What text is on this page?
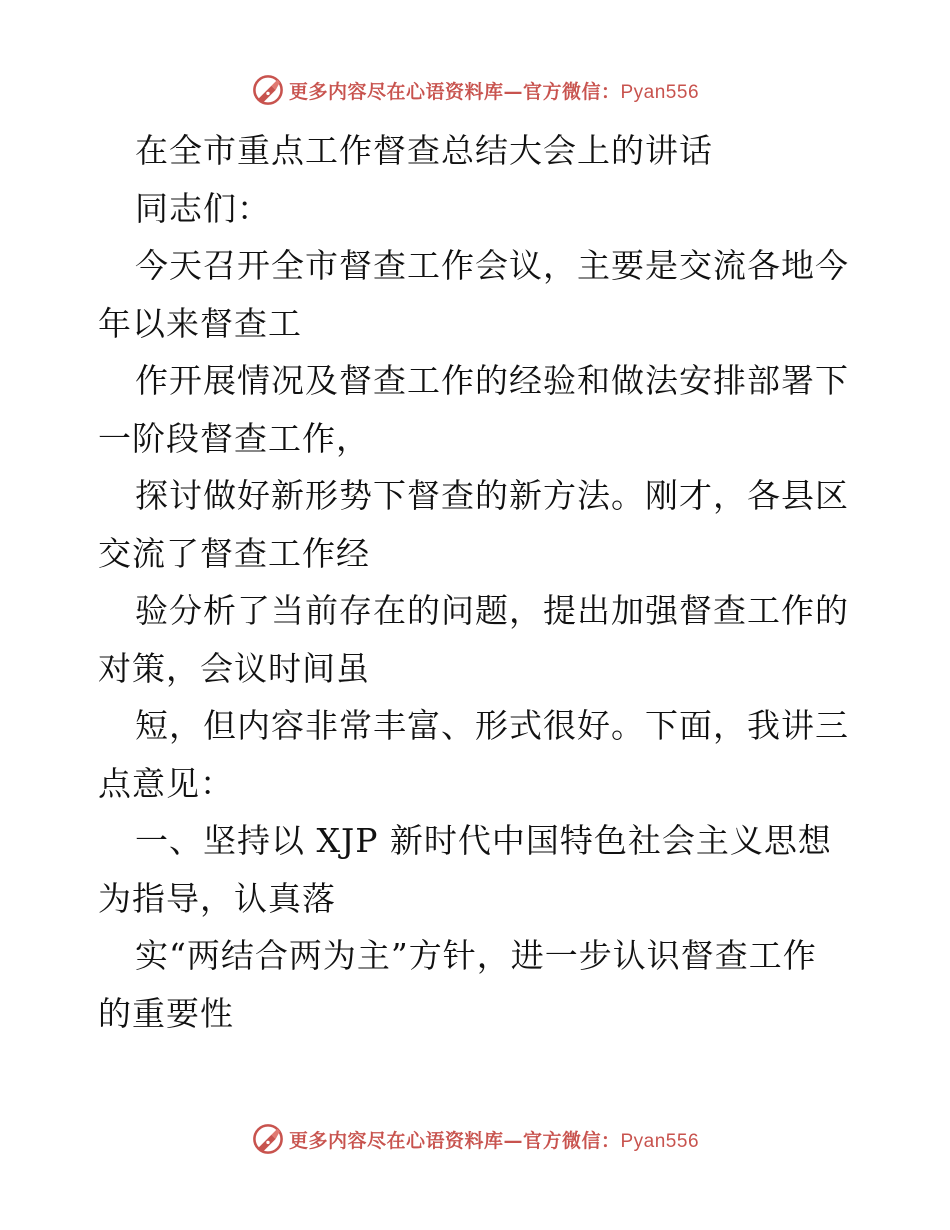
更多内容尽在心语资料库—官方微信：Pyan556
在全市重点工作督查总结大会上的讲话
同志们：
今天召开全市督查工作会议，主要是交流各地今
年以来督查工
作开展情况及督查工作的经验和做法安排部署下
一阶段督查工作，
探讨做好新形势下督查的新方法。刚才，各县区
交流了督查工作经
验分析了当前存在的问题，提出加强督查工作的
对策，会议时间虽
短，但内容非常丰富、形式很好。下面，我讲三
点意见：
一、坚持以 XJP 新时代中国特色社会主义思想
为指导，认真落
实“两结合两为主”方针，进一步认识督查工作
的重要性
更多内容尽在心语资料库—官方微信：Pyan556
